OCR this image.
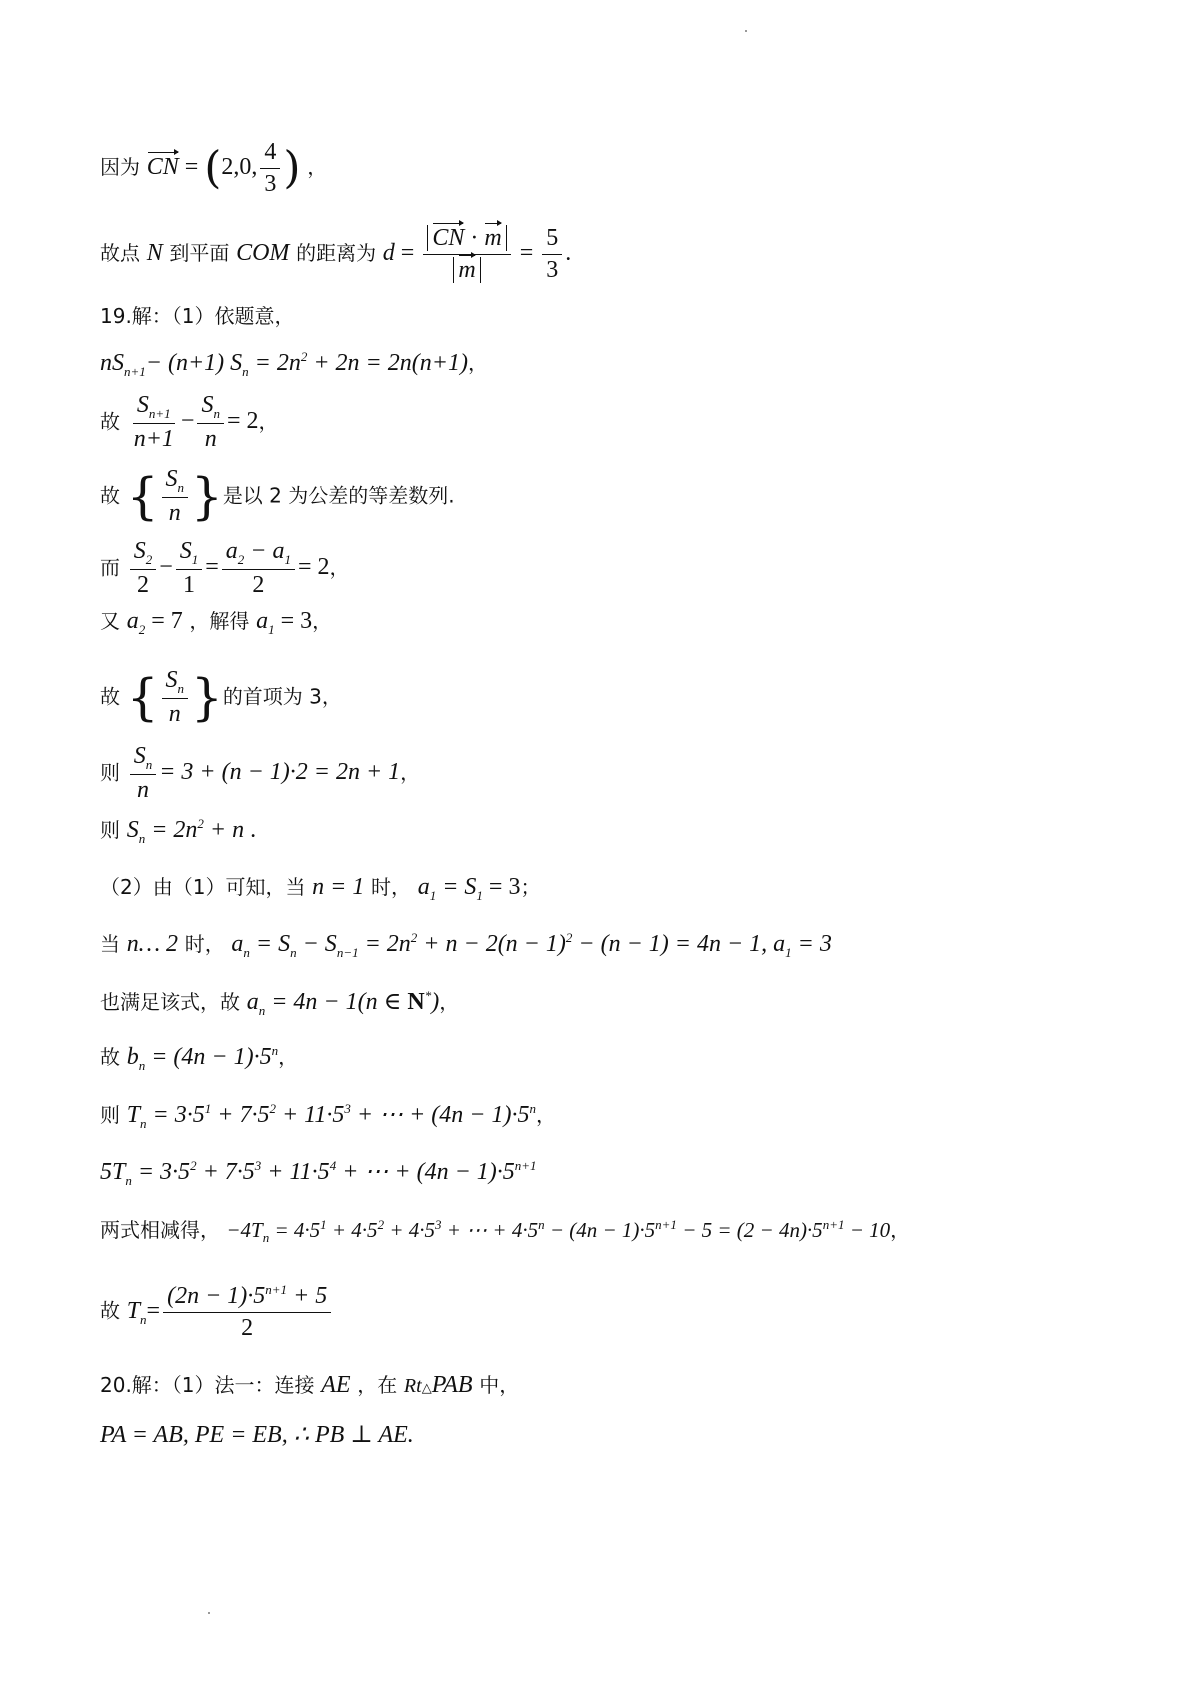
因为 CN = (2,0, $\frac{4}{3}$ ) ，
故点 N 到平面 COM 的距离为 $d = \frac{CN \cdot m}{m} = \frac{5}{3}$ .
19.解：（1）依题意，
$nS_{n+1}- (n+1) S_n = 2n^2 + 2n = 2n(n+1)$，
故 $\frac{S_{n+1}}{n+1} - \frac{S_n}{n} = 2$，
故 { $\frac{S_n}{n}$ }是以 2 为公差的等差数列.
而 $\frac{S_2}{2} - \frac{S_1}{1} = \frac{a_2 - a_1}{2} = 2$，
又 $a_2 = 7$ ，解得 $a_1 = 3$，
故 { $\frac{S_n}{n}$ }的首项为 3，
则 $\frac{S_n}{n} = 3 + (n - 1)\cdot 2 = 2n + 1$，
则 $S_n = 2n^2 + n$ .
（2）由（1）可知，当 n = 1 时， $a_1 = S_1 = 3$；
当 n… 2 时， $a_n = S_n - S_{n-1} = 2n^2 + n - 2(n - 1)^2 - (n - 1) = 4n - 1$, $a_1 = 3$
也满足该式，故 $a_n = 4n - 1(n$ ∈ N*)，
故 $b_n = (4n - 1)\cdot 5^n$，
则 $T_n = 3\cdot 5^1 + 7\cdot 5^2 + 11\cdot 5^3$ + ⋯ + $(4n - 1)\cdot 5^n$，
$5T_n = 3\cdot 5^2 + 7\cdot 5^3 + 11\cdot 5^4$ + ⋯ + $(4n - 1)\cdot 5^{n+1}$
两式相减得， $-4T_n = 4\cdot 5^1 + 4\cdot 5^2 + 4\cdot 5^3$ + ⋯ + $4\cdot 5^n - (4n - 1)\cdot 5^{n+1} - 5 = (2 - 4n)\cdot 5^{n+1} - 10$，
故 $T_n= \frac{(2n - 1)\cdot 5^{n+1} + 5}{2}$
20.解：（1）法一：连接 AE ，在 Rt△PAB 中，
PA = AB, PE = EB, ∴ PB ⊥ AE.
